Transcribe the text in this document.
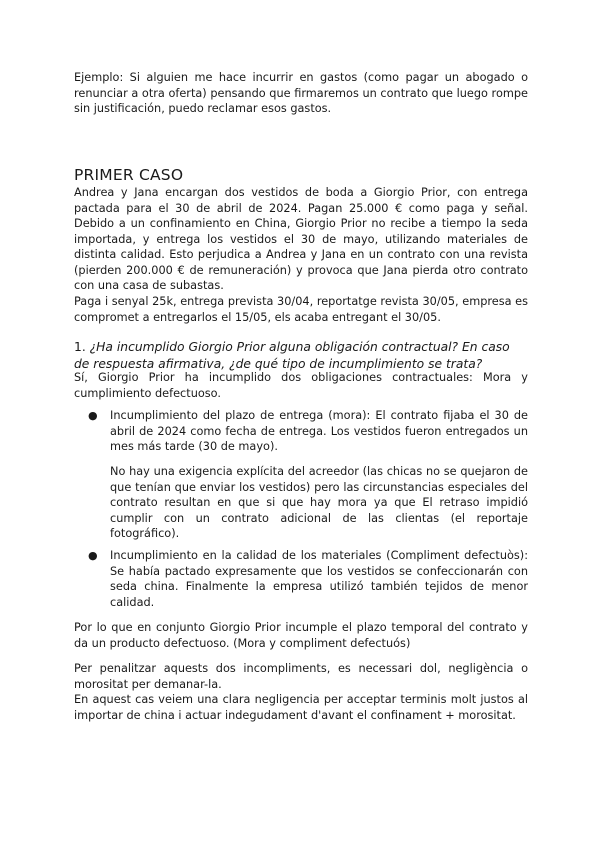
Ejemplo: Si alguien me hace incurrir en gastos (como pagar un abogado o renunciar a otra oferta) pensando que firmaremos un contrato que luego rompe sin justificación, puedo reclamar esos gastos.

PRIMER CASO

Andrea y Jana encargan dos vestidos de boda a Giorgio Prior, con entrega pactada para el 30 de abril de 2024. Pagan 25.000 € como paga y señal. Debido a un confinamiento en China, Giorgio Prior no recibe a tiempo la seda importada, y entrega los vestidos el 30 de mayo, utilizando materiales de distinta calidad. Esto perjudica a Andrea y Jana en un contrato con una revista (pierden 200.000 € de remuneración) y provoca que Jana pierda otro contrato con una casa de subastas.

Paga i senyal 25k, entrega prevista 30/04, reportatge revista 30/05, empresa es compromet a entregarlos el 15/05, els acaba entregant el 30/05.

1. ¿Ha incumplido Giorgio Prior alguna obligación contractual? En caso de respuesta afirmativa, ¿de qué tipo de incumplimiento se trata?

Sí, Giorgio Prior ha incumplido dos obligaciones contractuales: Mora y cumplimiento defectuoso.

●	Incumplimiento del plazo de entrega (mora): El contrato fijaba el 30 de abril de 2024 como fecha de entrega. Los vestidos fueron entregados un mes más tarde (30 de mayo).

No hay una exigencia explícita del acreedor (las chicas no se quejaron de que tenían que enviar los vestidos) pero las circunstancias especiales del contrato resultan en que si que hay mora ya que El retraso impidió cumplir con un contrato adicional de las clientas (el reportaje fotográfico).

●	Incumplimiento en la calidad de los materiales (Compliment defectuòs): Se había pactado expresamente que los vestidos se confeccionarán con seda china. Finalmente la empresa utilizó también tejidos de menor calidad.

Por lo que en conjunto Giorgio Prior incumple el plazo temporal del contrato y da un producto defectuoso. (Mora y compliment defectuós)

Per penalitzar aquests dos incompliments, es necessari dol, negligència o morositat per demanar-la.

En aquest cas veiem una clara negligencia per acceptar terminis molt justos al importar de china i actuar indegudament d'avant el confinament + morositat.
